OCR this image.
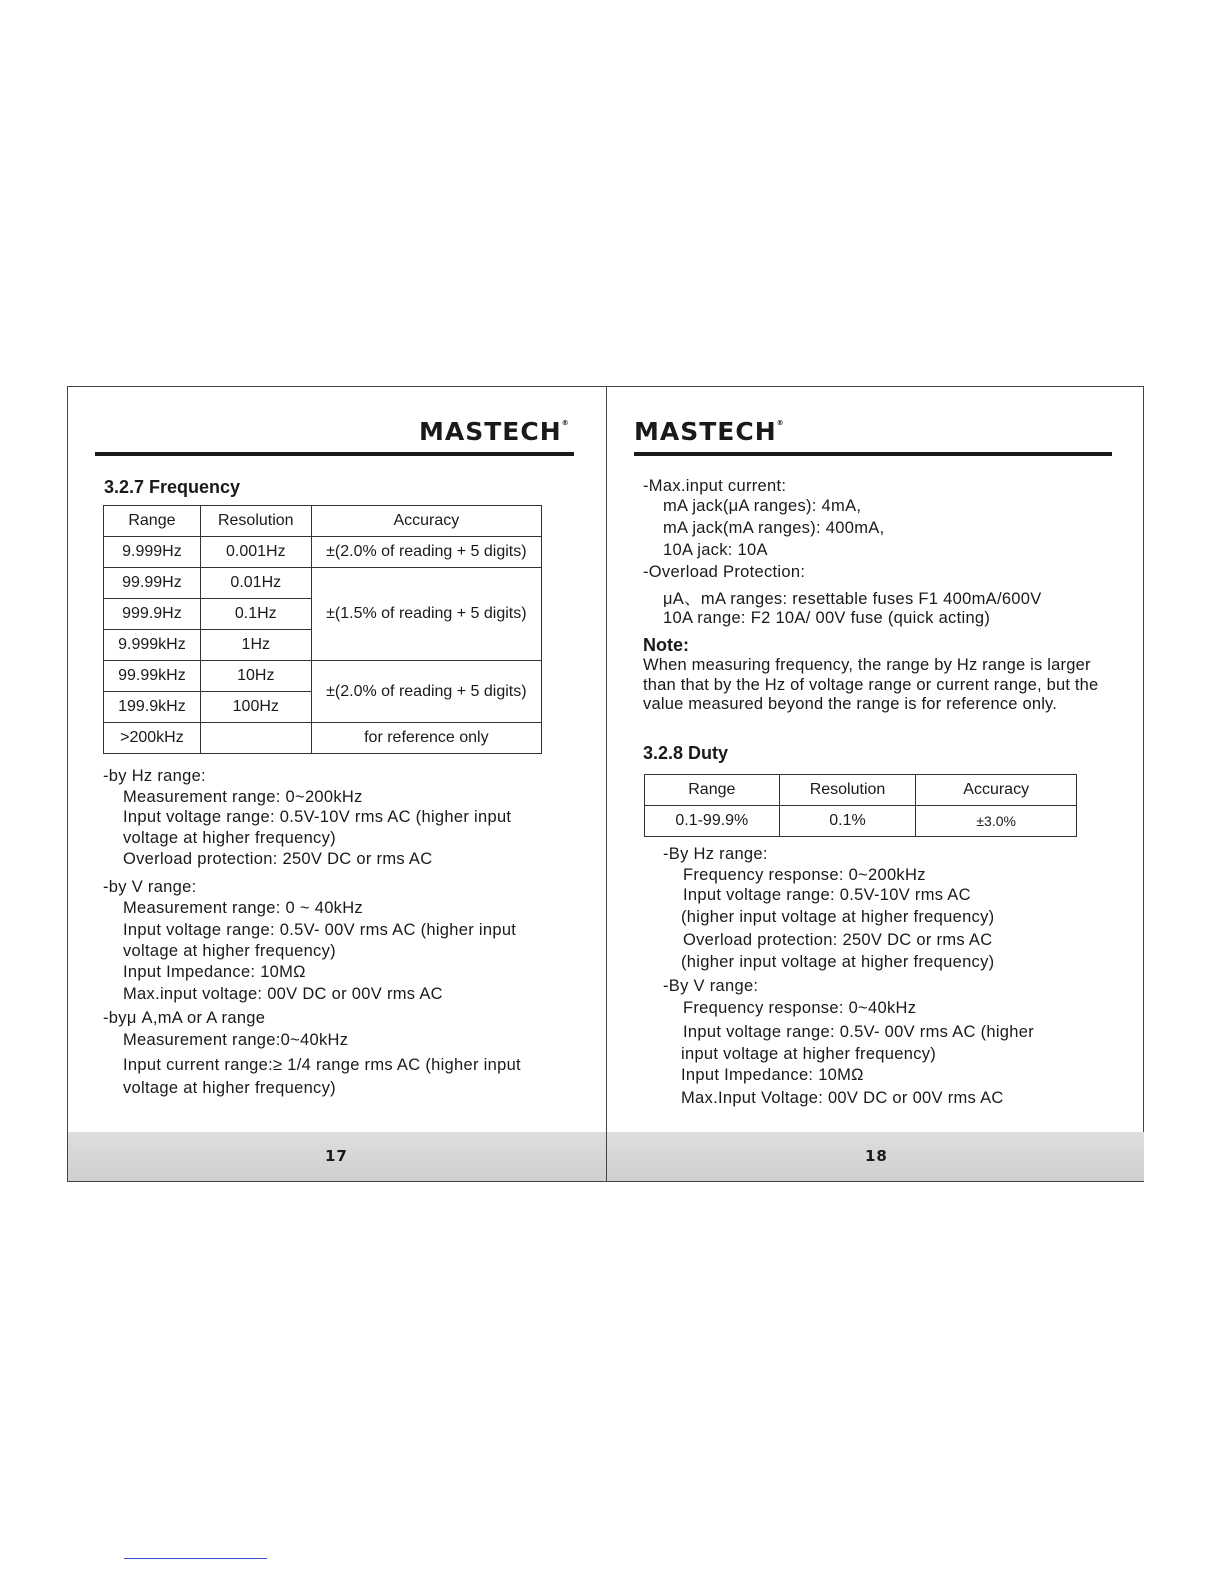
MASTECH®
3.2.7 Frequency
Range	Resolution	Accuracy
9.999Hz	0.001Hz	±(2.0% of reading + 5 digits)
99.99Hz	0.01Hz	±(1.5% of reading + 5 digits)
999.9Hz	0.1Hz	
9.999kHz	1Hz	
99.99kHz	10Hz	±(2.0% of reading + 5 digits)
199.9kHz	100Hz	
>200kHz		for reference only
-by Hz range:
Measurement range: 0~200kHz
Input voltage range: 0.5V-10V rms AC (higher input
voltage at higher frequency)
Overload protection: 250V DC or rms AC
-by V range:
Measurement range: 0 ~ 40kHz
Input voltage range: 0.5V- 00V rms AC (higher input
voltage at higher frequency)
Input Impedance: 10MΩ
Max.input voltage: 00V DC or 00V rms AC
-byμ A,mA or A range
Measurement range:0~40kHz
Input current range:≥ 1/4 range rms AC (higher input
voltage at higher frequency)
17
MASTECH®
-Max.input current:
mA jack(μA ranges): 4mA,
mA jack(mA ranges): 400mA,
10A jack: 10A
-Overload Protection:
μA、mA ranges: resettable fuses F1 400mA/600V
10A range: F2 10A/ 00V fuse (quick acting)
Note:
When measuring frequency, the range by Hz range is larger than that by the Hz of voltage range or current range, but the value measured beyond the range is for reference only.
3.2.8 Duty
Range	Resolution	Accuracy
0.1-99.9%	0.1%	±3.0%
-By Hz range:
Frequency response: 0~200kHz
Input voltage range: 0.5V-10V rms AC
(higher input voltage at higher frequency)
Overload protection: 250V DC or rms AC
(higher input voltage at higher frequency)
-By V range:
Frequency response: 0~40kHz
Input voltage range: 0.5V- 00V rms AC (higher
input voltage at higher frequency)
Input Impedance: 10MΩ
Max.Input Voltage: 00V DC or 00V rms AC
18
